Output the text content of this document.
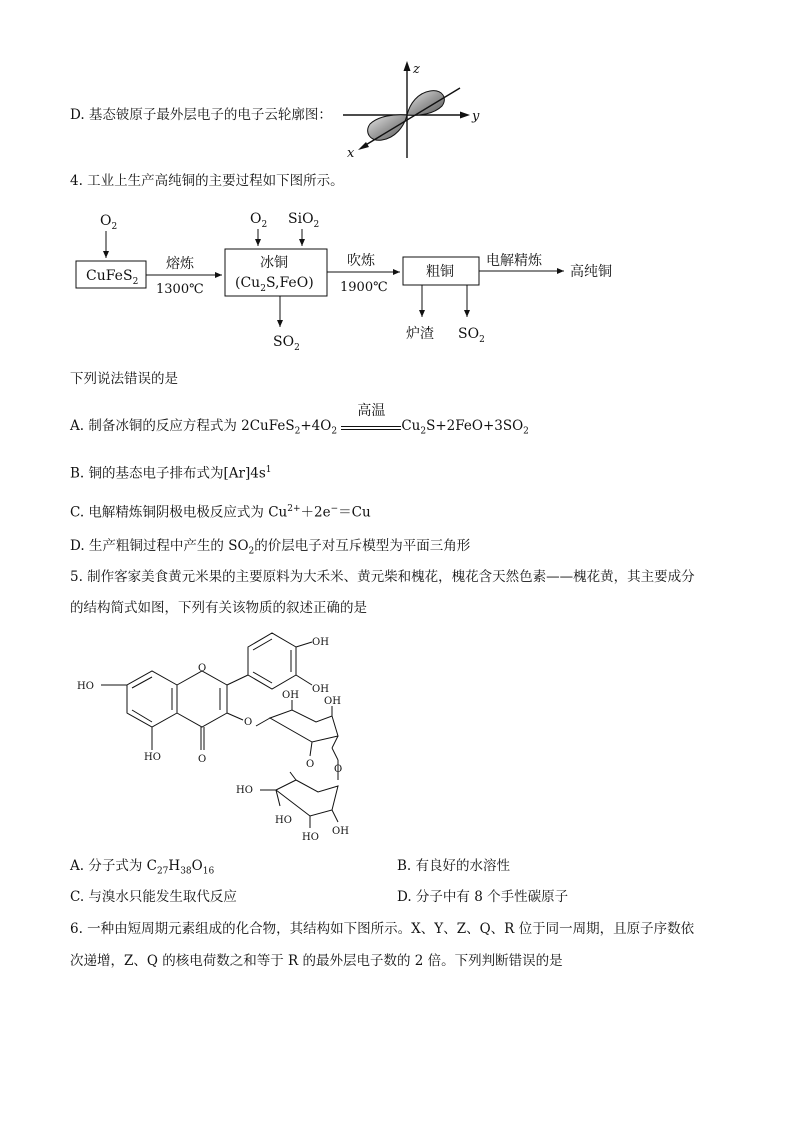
D. 基态铍原子最外层电子的电子云轮廓图：
z
y
x
4. 工业上生产高纯铜的主要过程如下图所示。
$O_2$
CuFeS$_2$
熔炼
1300℃
$O_2$ SiO$_2$
冰铜
$(Cu_2S,FeO)$
$SO_2$
吹炼
1900℃
粗铜
电解精炼
高纯铜
炉渣 $SO_2$
下列说法错误的是
A. 制备冰铜的反应方程式为 $2CuFeS_2+4O_2$
高温
$Cu_2S+2FeO+3SO_2$
B. 铜的基态电子排布式为$[Ar]4s^1$
C. 电解精炼铜阴极电极反应式为 $Cu^{2+}+2e^-=Cu$
D. 生产粗铜过程中产生的 $SO_2$的价层电子对互斥模型为平面三角形
5. 制作客家美食黄元米果的主要原料为大禾米、黄元柴和槐花，槐花含天然色素——槐花黄，其主要成分
的结构简式如图，下列有关该物质的叙述正确的是
HO
HO	O
O
OH
OH
O
OH
OH
O O
HO
HO
HO
OH
A. 分子式为 $C_{27}H_{38}O_{16}$	B. 有良好的水溶性
C. 与溴水只能发生取代反应	D. 分子中有 8 个手性碳原子
6. 一种由短周期元素组成的化合物，其结构如下图所示。X、Y、Z、Q、R 位于同一周期，且原子序数依
次递增，Z、Q 的核电荷数之和等于 R 的最外层电子数的 2 倍。下列判断错误的是
